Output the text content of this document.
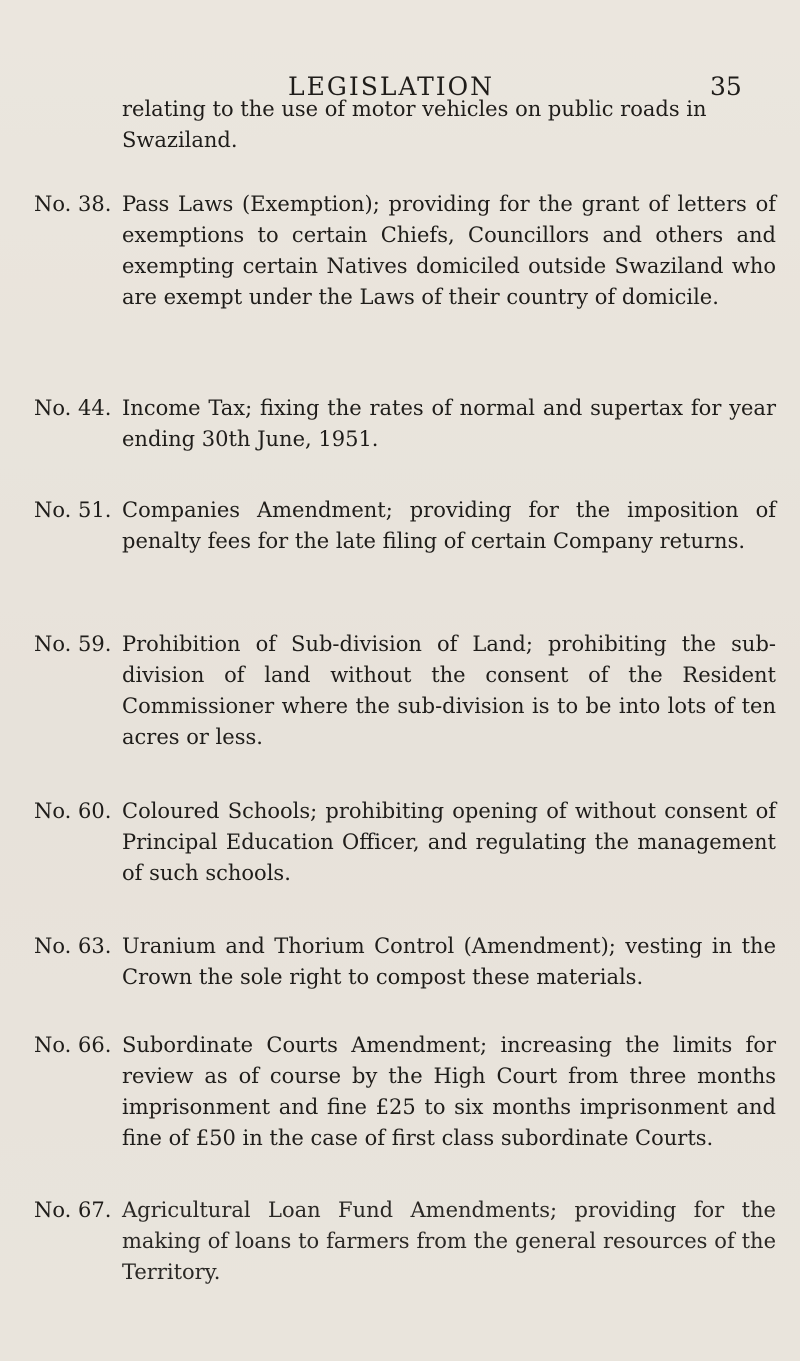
LEGISLATION	35

relating to the use of motor vehicles on public roads in Swaziland.

No. 38. Pass Laws (Exemption); providing for the grant of letters of exemptions to certain Chiefs, Councillors and others and exempting certain Natives domiciled outside Swaziland who are exempt under the Laws of their country of domicile.

No. 44. Income Tax; fixing the rates of normal and supertax for year ending 30th June, 1951.

No. 51. Companies Amendment; providing for the imposition of penalty fees for the late filing of certain Company returns.

No. 59. Prohibition of Sub-division of Land; prohibiting the sub-division of land without the consent of the Resident Commissioner where the sub-division is to be into lots of ten acres or less.

No. 60. Coloured Schools; prohibiting opening of without consent of Principal Education Officer, and regulating the management of such schools.

No. 63. Uranium and Thorium Control (Amendment); vesting in the Crown the sole right to compost these materials.

No. 66. Subordinate Courts Amendment; increasing the limits for review as of course by the High Court from three months imprisonment and fine £25 to six months imprisonment and fine of £50 in the case of first class subordinate Courts.

No. 67. Agricultural Loan Fund Amendments; providing for the making of loans to farmers from the general resources of the Territory.
